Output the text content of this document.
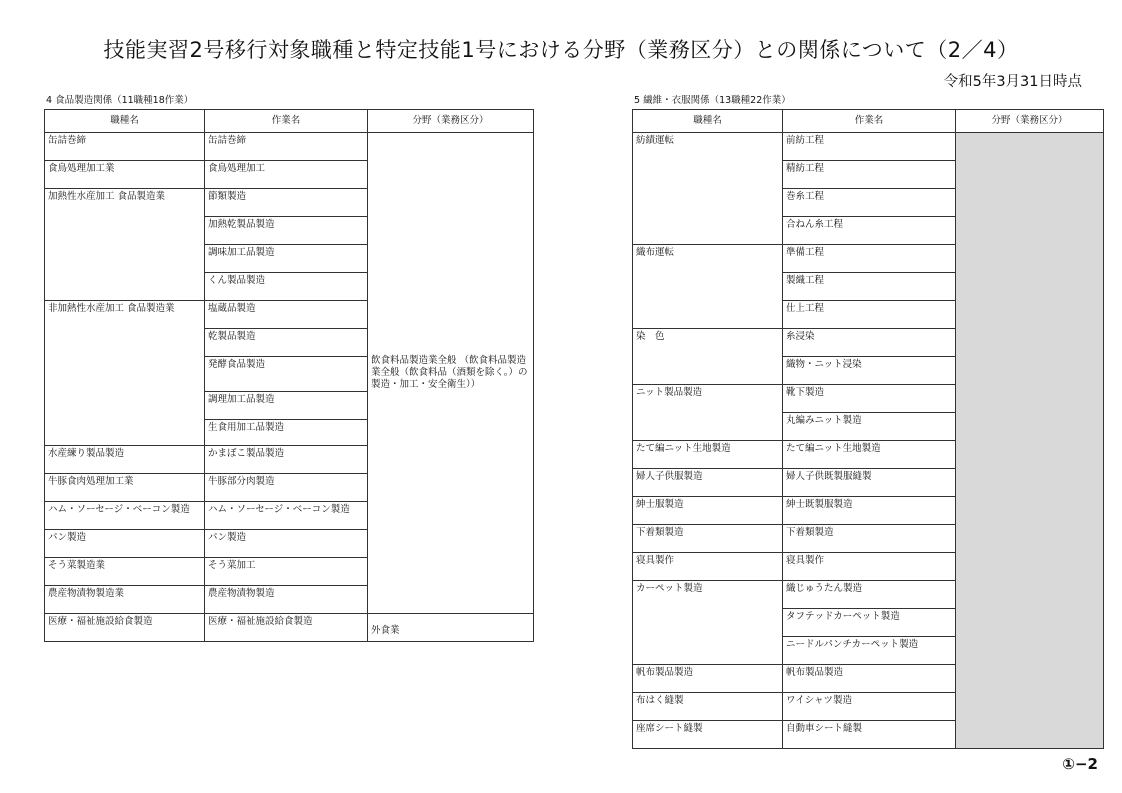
技能実習2号移行対象職種と特定技能1号における分野（業務区分）との関係について（2／4）
令和5年3月31日時点
4 食品製造関係（11職種18作業）	5 繊維・衣服関係（13職種22作業）
職種名	作業名	分野（業務区分）
缶詰巻締	缶詰巻締	飲食料品製造業全般 （飲食料品製造業全般（飲食料品（酒類を除く。）の製造・加工・安全衛生））
食鳥処理加工業	食鳥処理加工	
加熱性水産加工 食品製造業	節類製造	
	加熱乾製品製造	
	調味加工品製造	
	くん製品製造	
非加熱性水産加工 食品製造業	塩蔵品製造	
	乾製品製造	
	発酵食品製造	
	調理加工品製造	
	生食用加工品製造	
水産練り製品製造	かまぼこ製品製造	
牛豚食肉処理加工業	牛豚部分肉製造	
ハム・ソーセージ・ベーコン製造	ハム・ソーセージ・ベーコン製造	
パン製造	パン製造	
そう菜製造業	そう菜加工	
農産物漬物製造業	農産物漬物製造	
医療・福祉施設給食製造	医療・福祉施設給食製造	外食業
職種名	作業名	分野（業務区分）
紡績運転	前紡工程	
	精紡工程	
	巻糸工程	
	合ねん糸工程	
織布運転	準備工程	
	製織工程	
	仕上工程	
染　色	糸浸染	
	織物・ニット浸染	
ニット製品製造	靴下製造	
	丸編みニット製造	
たて編ニット生地製造	たて編ニット生地製造	
婦人子供服製造	婦人子供既製服縫製	
紳士服製造	紳士既製服製造	
下着類製造	下着類製造	
寝具製作	寝具製作	
カーペット製造	織じゅうたん製造	
	タフテッドカーペット製造	
	ニードルパンチカーペット製造	
帆布製品製造	帆布製品製造	
布はく縫製	ワイシャツ製造	
座席シート縫製	自動車シート縫製	
①−2
